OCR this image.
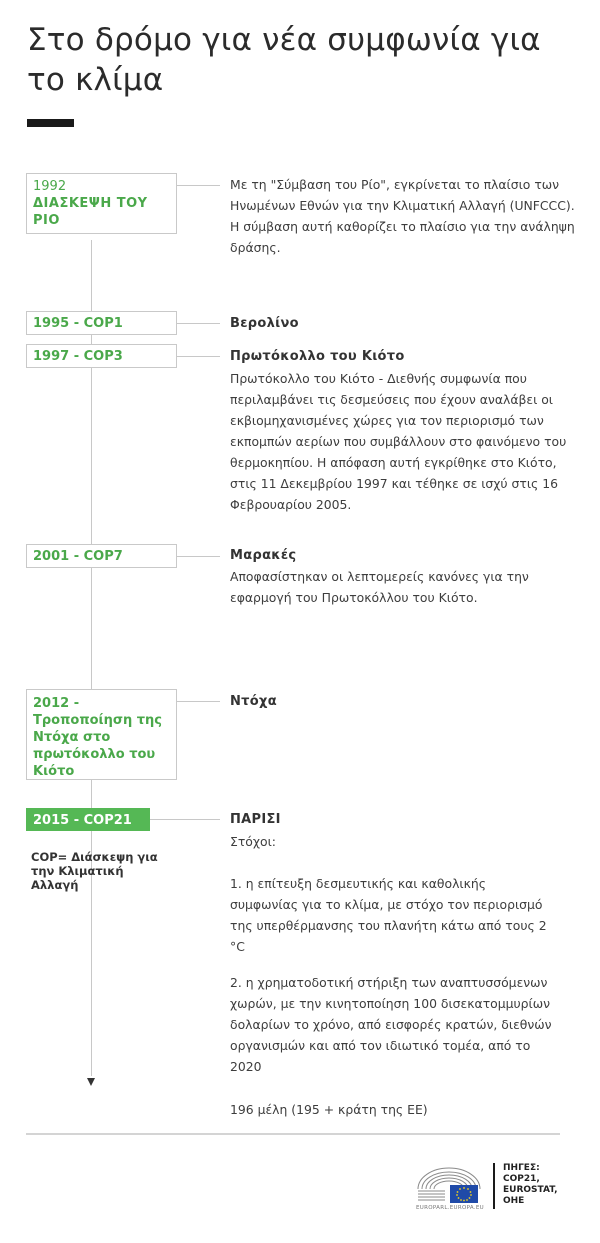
Στο δρόμο για νέα συμφωνία για το κλίμα
1992
ΔΙΑΣΚΕΨΗ ΤΟΥ ΡΙΟ
Με τη "Σύμβαση του Ρίο", εγκρίνεται το πλαίσιο των Ηνωμένων Εθνών για την Κλιματική Αλλαγή (UNFCCC). Η σύμβαση αυτή καθορίζει το πλαίσιο για την ανάληψη δράσης.
1995 - COP1	Βερολίνο
1997 - COP3	Πρωτόκολλο του Κιότο
Πρωτόκολλο του Κιότο - Διεθνής συμφωνία που περιλαμβάνει τις δεσμεύσεις που έχουν αναλάβει οι εκβιομηχανισμένες χώρες για τον περιορισμό των εκπομπών αερίων που συμβάλλουν στο φαινόμενο του θερμοκηπίου. Η απόφαση αυτή εγκρίθηκε στο Κιότο, στις 11 Δεκεμβρίου 1997 και τέθηκε σε ισχύ στις 16 Φεβρουαρίου 2005.
2001 - COP7	Μαρακές
Αποφασίστηκαν οι λεπτομερείς κανόνες για την εφαρμογή του Πρωτοκόλλου του Κιότο.
2012 - Τροποποίηση της Ντόχα στο πρωτόκολλο του Κιότο
Ντόχα
2015 - COP21	ΠΑΡΙΣΙ
Στόχοι:
1. η επίτευξη δεσμευτικής και καθολικής συμφωνίας για το κλίμα, με στόχο τον περιορισμό της υπερθέρμανσης του πλανήτη κάτω από τους 2 °C
2. η χρηματοδοτική στήριξη των αναπτυσσόμενων χωρών, με την κινητοποίηση 100 δισεκατομμυρίων δολαρίων το χρόνο, από εισφορές κρατών, διεθνών οργανισμών και από τον ιδιωτικό τομέα, από το 2020
196 μέλη (195 + κράτη της ΕΕ)
COP= Διάσκεψη για την Κλιματική Αλλαγή
EUROPARL.EUROPA.EU
ΠΗΓΕΣ: COP21, EUROSTAT, OHE
